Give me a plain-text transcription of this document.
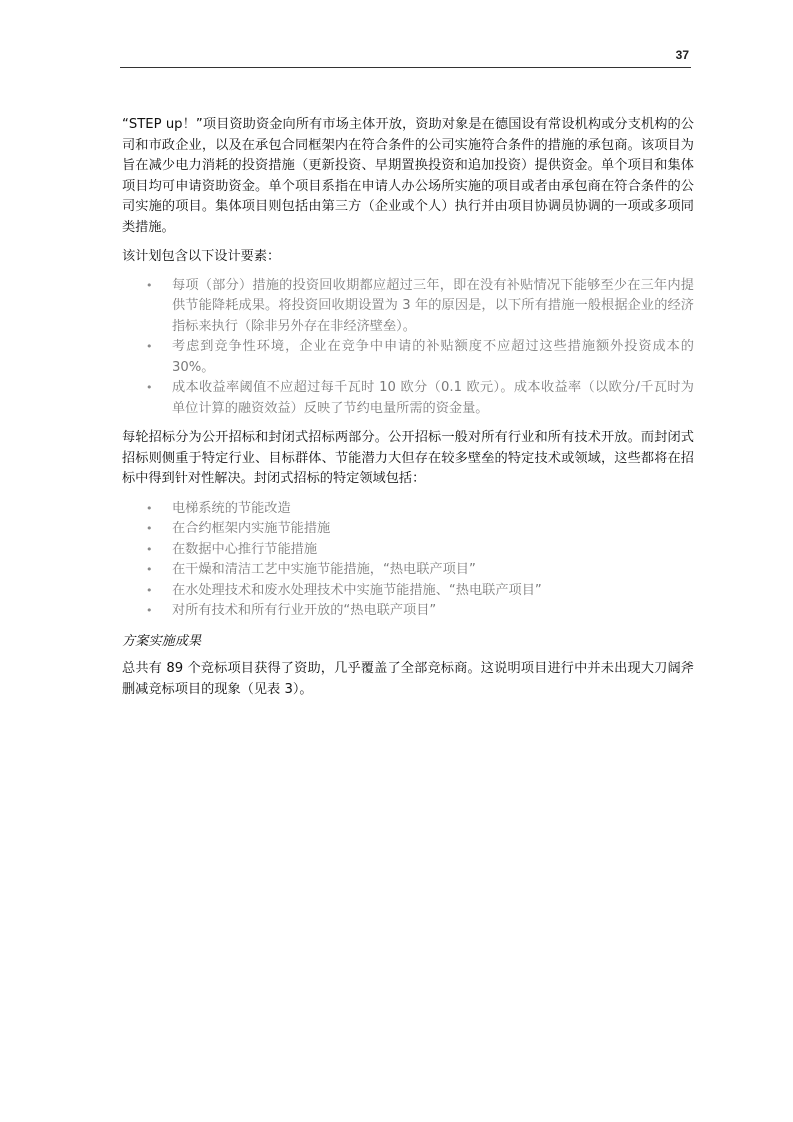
37

“STEP up！”项目资助资金向所有市场主体开放，资助对象是在德国设有常设机构或分支机构的公司和市政企业，以及在承包合同框架内在符合条件的公司实施符合条件的措施的承包商。该项目为旨在减少电力消耗的投资措施（更新投资、早期置换投资和追加投资）提供资金。单个项目和集体项目均可申请资助资金。单个项目系指在申请人办公场所实施的项目或者由承包商在符合条件的公司实施的项目。集体项目则包括由第三方（企业或个人）执行并由项目协调员协调的一项或多项同类措施。

该计划包含以下设计要素：

• 每项（部分）措施的投资回收期都应超过三年，即在没有补贴情况下能够至少在三年内提供节能降耗成果。将投资回收期设置为 3 年的原因是，以下所有措施一般根据企业的经济指标来执行（除非另外存在非经济壁垒）。
• 考虑到竞争性环境，企业在竞争中申请的补贴额度不应超过这些措施额外投资成本的 30%。
• 成本收益率阈值不应超过每千瓦时 10 欧分（0.1 欧元）。成本收益率（以欧分/千瓦时为单位计算的融资效益）反映了节约电量所需的资金量。

每轮招标分为公开招标和封闭式招标两部分。公开招标一般对所有行业和所有技术开放。而封闭式招标则侧重于特定行业、目标群体、节能潜力大但存在较多壁垒的特定技术或领域，这些都将在招标中得到针对性解决。封闭式招标的特定领域包括：

• 电梯系统的节能改造
• 在合约框架内实施节能措施
• 在数据中心推行节能措施
• 在干燥和清洁工艺中实施节能措施，“热电联产项目”
• 在水处理技术和废水处理技术中实施节能措施、“热电联产项目”
• 对所有技术和所有行业开放的“热电联产项目”
方案实施成果

总共有 89 个竞标项目获得了资助，几乎覆盖了全部竞标商。这说明项目进行中并未出现大刀阔斧删减竞标项目的现象（见表 3）。
